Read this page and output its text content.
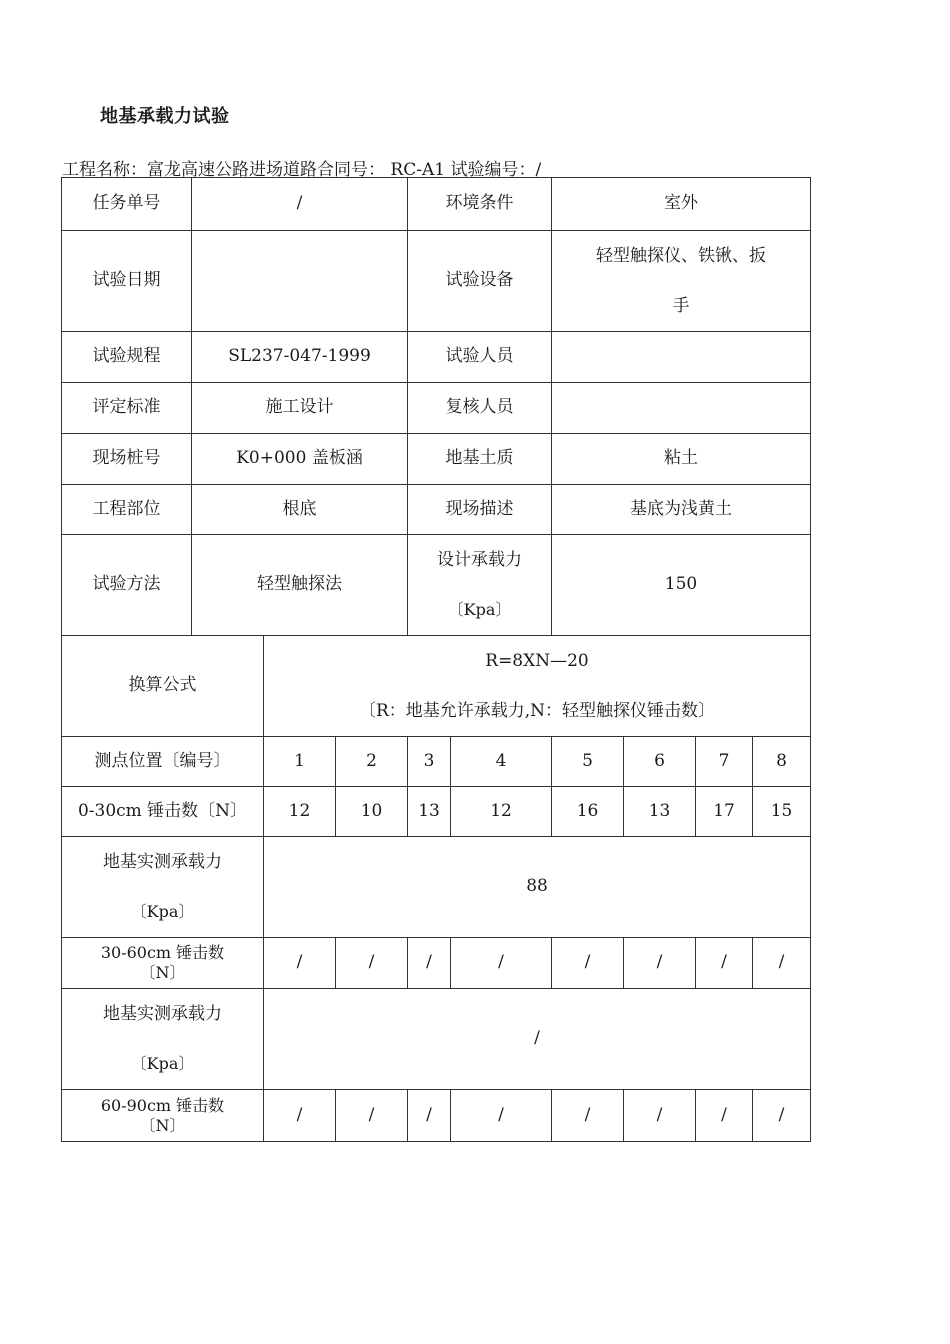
地基承载力试验
工程名称：富龙高速公路进场道路合同号： RC-A1 试验编号：/
任务单号	/			环境条件		室外			
试验日期				试验设备		轻型触探仪、铁锹、扳
手			

试验规程	SL237-047-1999			试验人员					
评定标准	施工设计			复核人员					
现场桩号	K0+000 盖板涵			地基土质		粘土			
工程部位	根底			现场描述		基底为浅黄土			
试验方法	轻型触探法			设计承载力
〔Kpa〕		150			
换算公式		R=8XN—20
〔R：地基允许承载力,N：轻型触探仪锤击数〕							

测点位置〔编号〕		1	2	3	4	5	6	7	8
0-30cm 锤击数〔N〕		12	10	13	12	16	13	17	15

地基实测承载力
〔Kpa〕		88							

30-60cm 锤击数
〔N〕		/	/	/	/	/	/	/	/

地基实测承载力
〔Kpa〕		/							

60-90cm 锤击数
〔N〕		/	/	/	/	/	/	/	/
